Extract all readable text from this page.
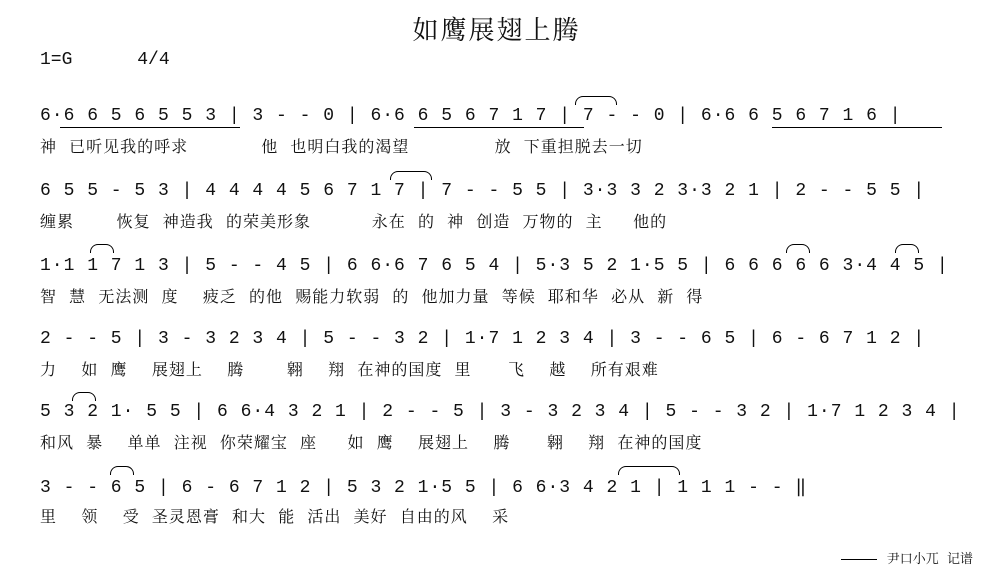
如鹰展翅上腾
1=G      4/4
6·6 6 5 6 5 5 3 | 3 - - 0 | 6·6 6 5 6 7 1 7 | 7 - - 0 | 6·6 6 5 6 7 1 6 |
神  已听见我的呼求            他  也明白我的渴望              放  下重担脱去一切
6 5 5 - 5 3 | 4 4 4 4 5 6 7 1 7 | 7 - - 5 5 | 3·3 3 2 3·3 2 1 | 2 - - 5 5 |
缠累       恢复  神造我  的荣美形象          永在  的  神  创造  万物的  主     他的
1·1 1 7 1 3 | 5 - - 4 5 | 6 6·6 7 6 5 4 | 5·3 5 2 1·5 5 | 6 6 6 6 6 3·4 4 5 |
智  慧  无法测  度    疲乏  的他  赐能力软弱  的  他加力量  等候  耶和华  必从  新  得
2 - - 5 | 3 - 3 2 3 4 | 5 - - 3 2 | 1·7 1 2 3 4 | 3 - - 6 5 | 6 - 6 7 1 2 |
力    如  鹰    展翅上    腾       翱    翔  在神的国度  里      飞    越    所有艰难
5 3 2 1· 5 5 | 6 6·4 3 2 1 | 2 - - 5 | 3 - 3 2 3 4 | 5 - - 3 2 | 1·7 1 2 3 4 |
和风  暴    单单  注视  你荣耀宝  座     如  鹰    展翅上    腾      翱    翔  在神的国度
3 - - 6 5 | 6 - 6 7 1 2 | 5 3 2 1·5 5 | 6 6·3 4 2 1 | 1 1 1 - - ‖
里    领    受  圣灵恩膏  和大  能  活出  美好  自由的风    采

尹口小兀  记谱
